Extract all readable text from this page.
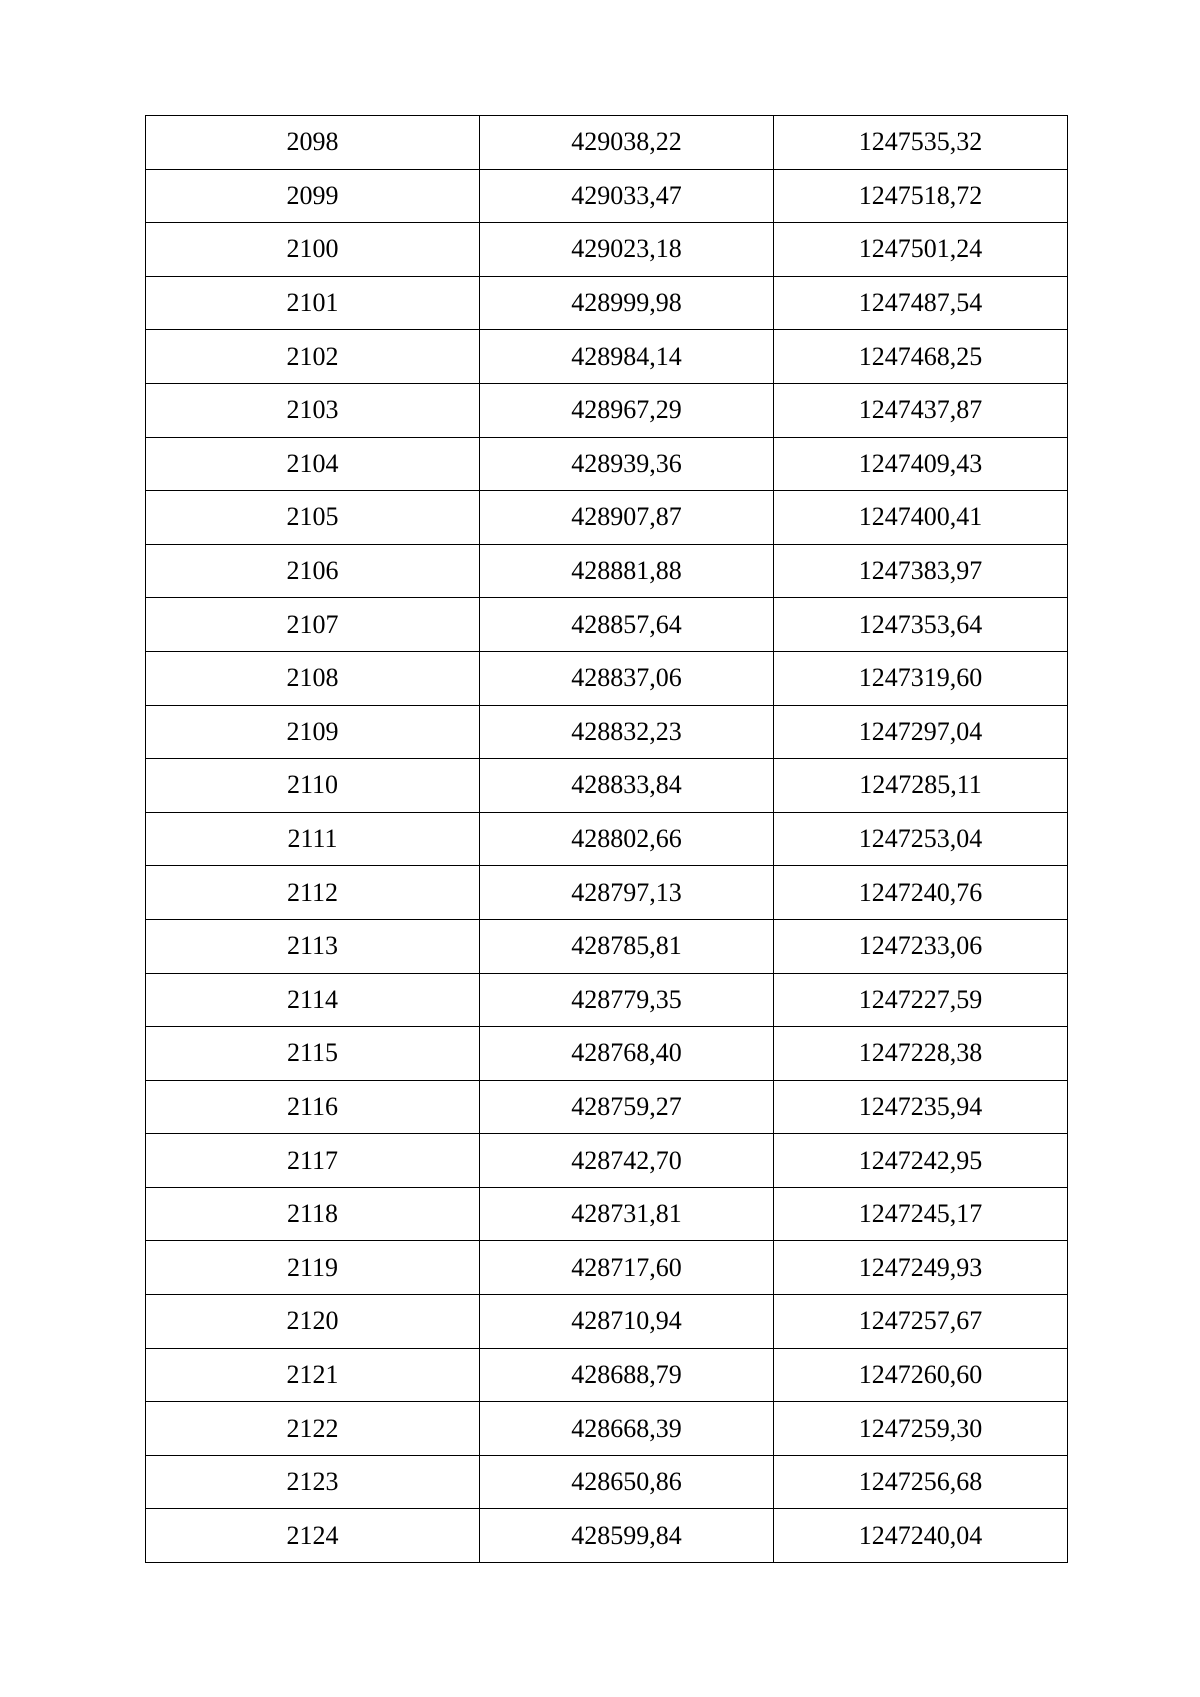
2098	429038,22	1247535,32
2099	429033,47	1247518,72
2100	429023,18	1247501,24
2101	428999,98	1247487,54
2102	428984,14	1247468,25
2103	428967,29	1247437,87
2104	428939,36	1247409,43
2105	428907,87	1247400,41
2106	428881,88	1247383,97
2107	428857,64	1247353,64
2108	428837,06	1247319,60
2109	428832,23	1247297,04
2110	428833,84	1247285,11
2111	428802,66	1247253,04
2112	428797,13	1247240,76
2113	428785,81	1247233,06
2114	428779,35	1247227,59
2115	428768,40	1247228,38
2116	428759,27	1247235,94
2117	428742,70	1247242,95
2118	428731,81	1247245,17
2119	428717,60	1247249,93
2120	428710,94	1247257,67
2121	428688,79	1247260,60
2122	428668,39	1247259,30
2123	428650,86	1247256,68
2124	428599,84	1247240,04
